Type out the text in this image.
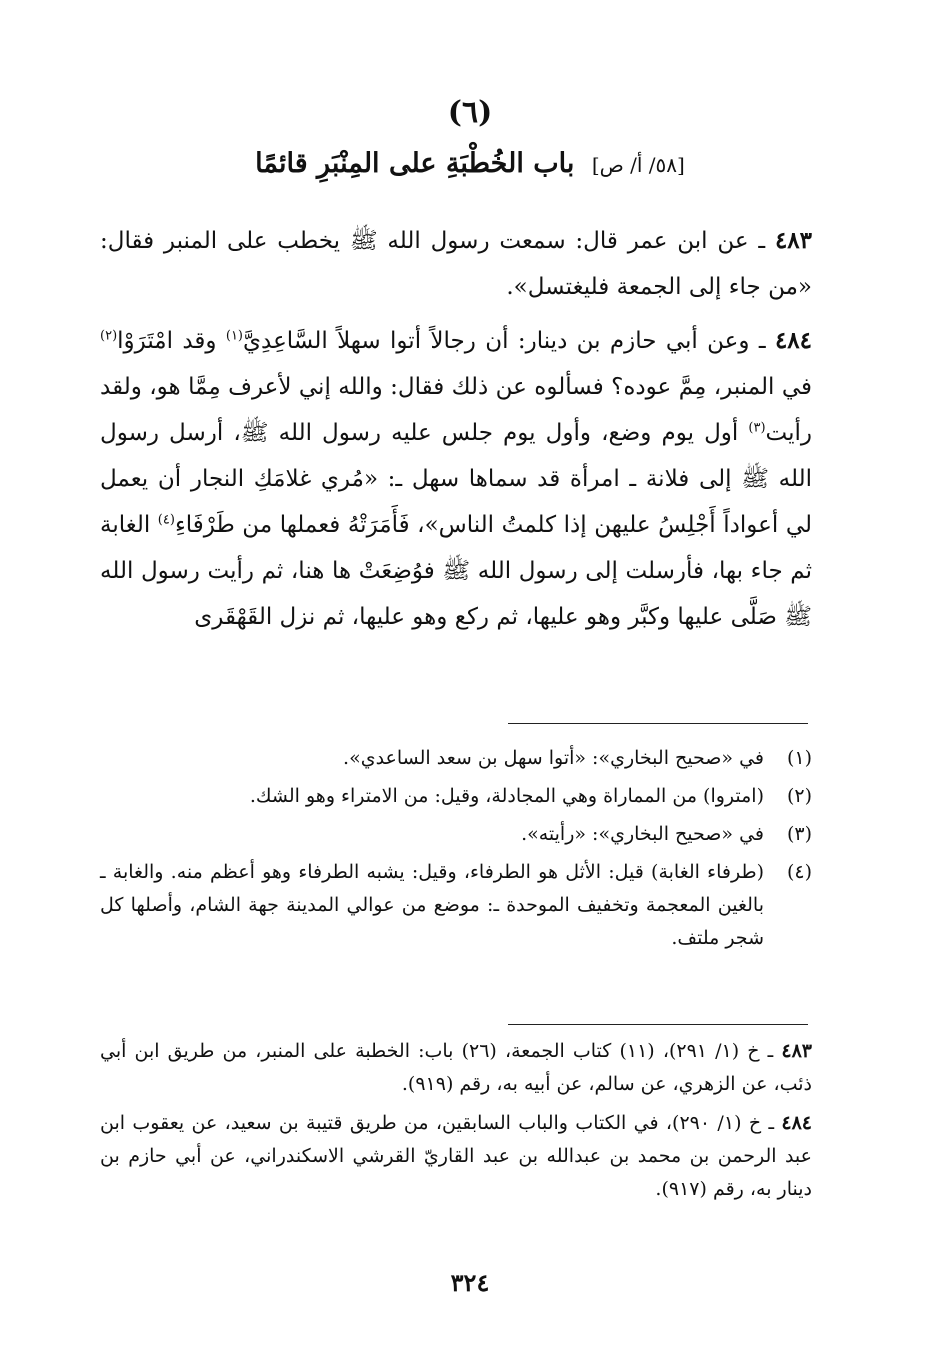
(٦)
[٥٨/ أ/ ص] باب الخُطْبَةِ على المِنْبَرِ قائمًا

٤٨٣ ـ عن ابن عمر قال: سمعت رسول الله ﷺ يخطب على المنبر فقال: «من جاء إلى الجمعة فليغتسل».

٤٨٤ ـ وعن أبي حازم بن دينار: أن رجالاً أتوا سهلاً السَّاعِدِيَّ$^{(١)}$ وقد امْتَرَوْا$^{(٢)}$ في المنبر، مِمَّ عوده؟ فسألوه عن ذلك فقال: والله إني لأعرف مِمَّا هو، ولقد رأيت$^{(٣)}$ أول يوم وضع، وأول يوم جلس عليه رسول الله ﷺ، أرسل رسول الله ﷺ إلى فلانة ـ امرأة قد سماها سهل ـ: «مُري غلامَكِ النجار أن يعمل لي أعواداً أَجْلِسُ عليهن إذا كلمتُ الناس»، فَأَمَرَتْهُ فعملها من طَرْفَاءِ$^{(٤)}$ الغابة ثم جاء بها، فأرسلت إلى رسول الله ﷺ فوُضِعَتْ ها هنا، ثم رأيت رسول الله ﷺ صَلَّى عليها وكبَّر وهو عليها، ثم ركع وهو عليها، ثم نزل القَهْقَرى

(١)
في «صحيح البخاري»: «أتوا سهل بن سعد الساعدي».
(٢)
(امتروا) من المماراة وهي المجادلة، وقيل: من الامتراء وهو الشك.
(٣)
في «صحيح البخاري»: «رأيته».
(٤)
(طرفاء الغابة) قيل: الأثل هو الطرفاء، وقيل: يشبه الطرفاء وهو أعظم منه. والغابة ـ بالغين المعجمة وتخفيف الموحدة ـ: موضع من عوالي المدينة جهة الشام، وأصلها كل شجر ملتف.
٤٨٣ ـ خ (١/ ٢٩١)، (١١) كتاب الجمعة، (٢٦) باب: الخطبة على المنبر، من طريق ابن أبي ذئب، عن الزهري، عن سالم، عن أبيه به، رقم (٩١٩).
٤٨٤ ـ خ (١/ ٢٩٠)، في الكتاب والباب السابقين، من طريق قتيبة بن سعيد، عن يعقوب ابن عبد الرحمن بن محمد بن عبدالله بن عبد القاريّ القرشي الاسكندراني، عن أبي حازم بن دينار به، رقم (٩١٧).
٣٢٤
